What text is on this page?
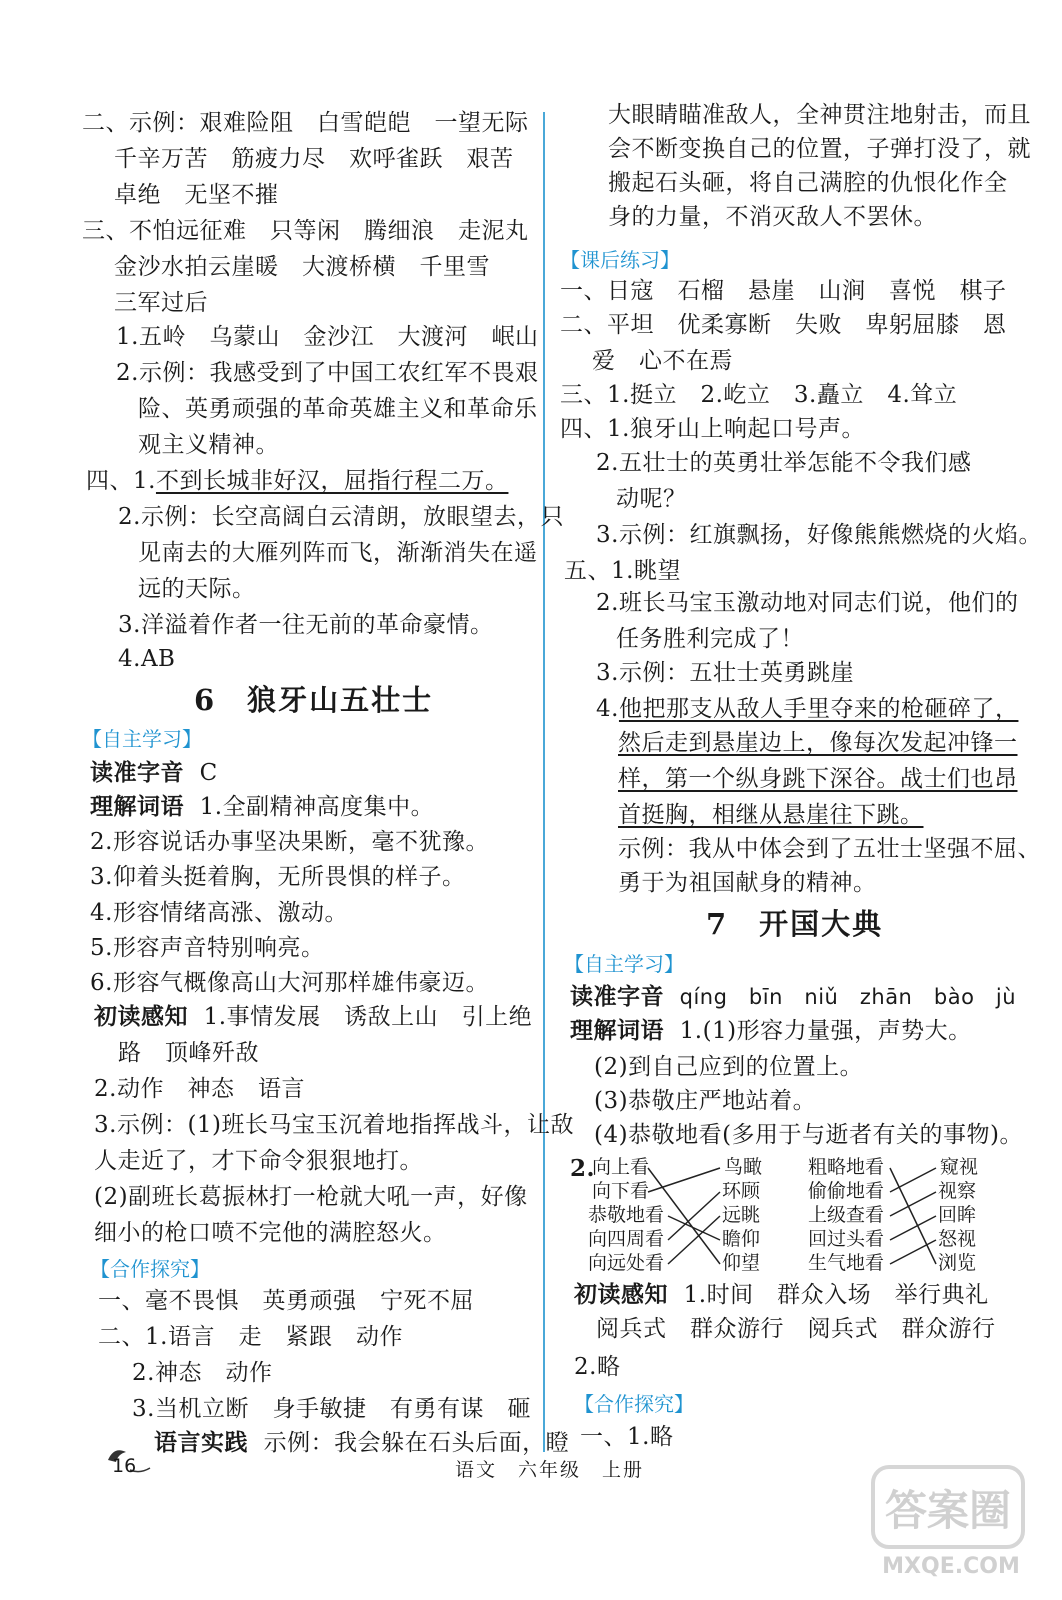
二、示例：艰难险阻　白雪皑皑　一望无际
千辛万苦　筋疲力尽　欢呼雀跃　艰苦
卓绝　无坚不摧
三、不怕远征难　只等闲　腾细浪　走泥丸
金沙水拍云崖暖　大渡桥横　千里雪
三军过后
1.五岭　乌蒙山　金沙江　大渡河　岷山
2.示例：我感受到了中国工农红军不畏艰
险、英勇顽强的革命英雄主义和革命乐
观主义精神。
四、1.不到长城非好汉，屈指行程二万。
2.示例：长空高阔白云清朗，放眼望去，只
见南去的大雁列阵而飞，渐渐消失在遥
远的天际。
3.洋溢着作者一往无前的革命豪情。
4.AB
6　狼牙山五壮士
【自主学习】
读准字音 C
理解词语 1.全副精神高度集中。
2.形容说话办事坚决果断，毫不犹豫。
3.仰着头挺着胸，无所畏惧的样子。
4.形容情绪高涨、激动。
5.形容声音特别响亮。
6.形容气概像高山大河那样雄伟豪迈。
初读感知 1.事情发展　诱敌上山　引上绝
路　顶峰歼敌
2.动作　神态　语言
3.示例：(1)班长马宝玉沉着地指挥战斗，让敌
人走近了，才下命令狠狠地打。
(2)副班长葛振林打一枪就大吼一声，好像
细小的枪口喷不完他的满腔怒火。
【合作探究】
一、毫不畏惧　英勇顽强　宁死不屈
二、1.语言　走　紧跟　动作
2.神态　动作
3.当机立断　身手敏捷　有勇有谋　砸
语言实践 示例：我会躲在石头后面，瞪
大眼睛瞄准敌人，全神贯注地射击，而且
会不断变换自己的位置，子弹打没了，就
搬起石头砸，将自己满腔的仇恨化作全
身的力量，不消灭敌人不罢休。
【课后练习】
一、日寇　石榴　悬崖　山涧　喜悦　棋子
二、平坦　优柔寡断　失败　卑躬屈膝　恩
爱　心不在焉
三、1.挺立　2.屹立　3.矗立　4.耸立
四、1.狼牙山上响起口号声。
2.五壮士的英勇壮举怎能不令我们感
动呢？
3.示例：红旗飘扬，好像熊熊燃烧的火焰。
五、1.眺望
2.班长马宝玉激动地对同志们说，他们的
任务胜利完成了！
3.示例：五壮士英勇跳崖
4.他把那支从敌人手里夺来的枪砸碎了，
然后走到悬崖边上，像每次发起冲锋一
样，第一个纵身跳下深谷。战士们也昂
首挺胸，相继从悬崖往下跳。
示例：我从中体会到了五壮士坚强不屈、
勇于为祖国献身的精神。
7　开国大典
【自主学习】
读准字音 qíng　bīn　niǔ　zhān　bào　jù
理解词语 1.(1)形容力量强，声势大。
(2)到自己应到的位置上。
(3)恭敬庄严地站着。
(4)恭敬地看(多用于与逝者有关的事物)。
2.
向上看
向下看
恭敬地看
向四周看
向远处看
鸟瞰
环顾
远眺
瞻仰
仰望
粗略地看
偷偷地看
上级查看
回过头看
生气地看
窥视
视察
回眸
怒视
浏览
初读感知 1.时间　群众入场　举行典礼
阅兵式　群众游行　阅兵式　群众游行
2.略
【合作探究】
一、1.略
16	语文　六年级　上册
答案圈
MXQE.COM
